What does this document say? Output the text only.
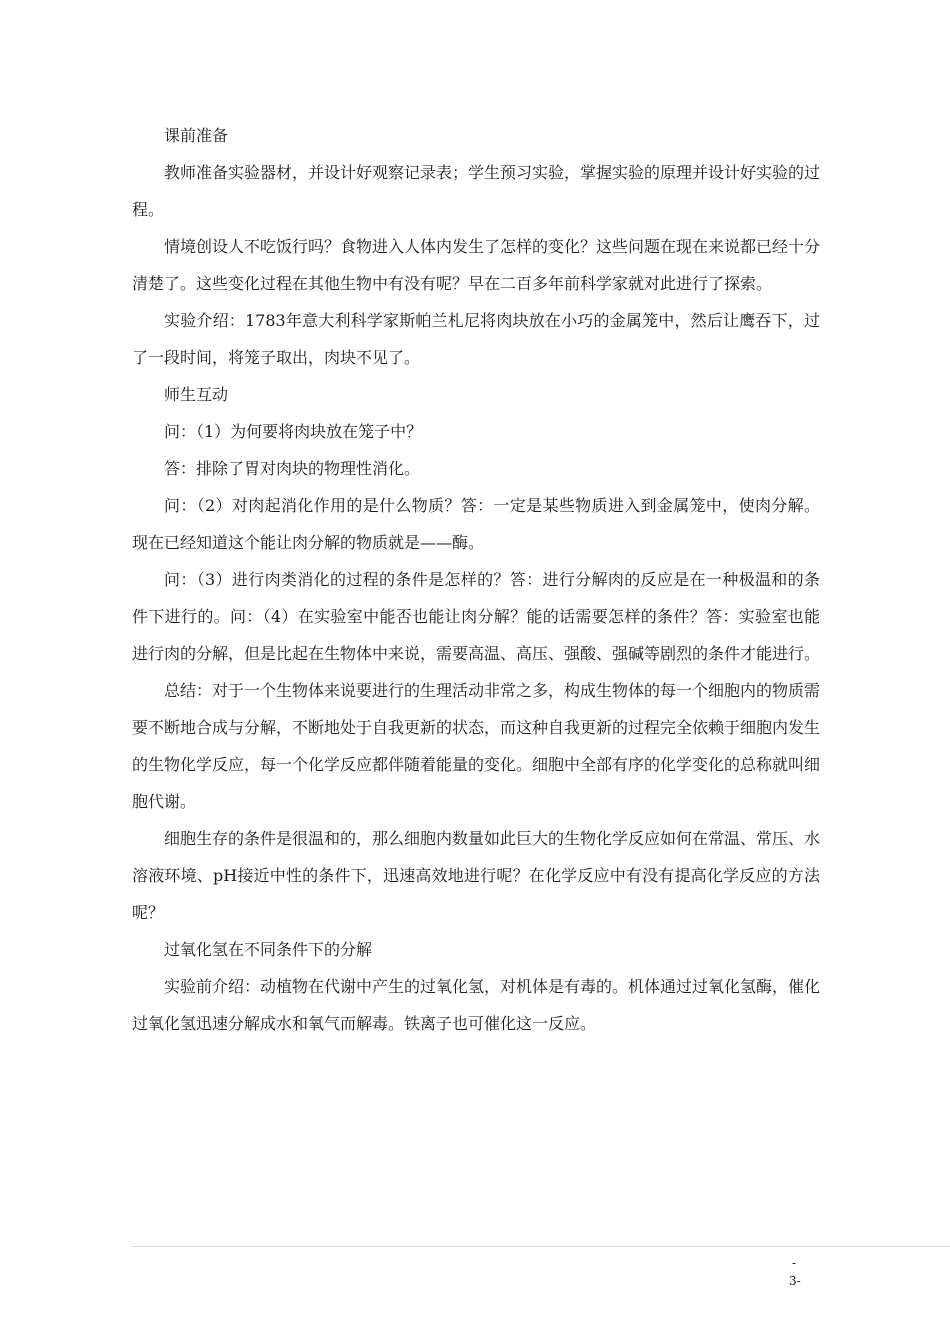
课前准备

教师准备实验器材，并设计好观察记录表；学生预习实验，掌握实验的原理并设计好实验的过程。

情境创设人不吃饭行吗？食物进入人体内发生了怎样的变化？这些问题在现在来说都已经十分清楚了。这些变化过程在其他生物中有没有呢？早在二百多年前科学家就对此进行了探索。

实验介绍：1783年意大利科学家斯帕兰札尼将肉块放在小巧的金属笼中，然后让鹰吞下，过了一段时间，将笼子取出，肉块不见了。

师生互动

问：（1）为何要将肉块放在笼子中？

答：排除了胃对肉块的物理性消化。

问：（2）对肉起消化作用的是什么物质？答：一定是某些物质进入到金属笼中，使肉分解。现在已经知道这个能让肉分解的物质就是——酶。

问：（3）进行肉类消化的过程的条件是怎样的？答：进行分解肉的反应是在一种极温和的条件下进行的。问：（4）在实验室中能否也能让肉分解？能的话需要怎样的条件？答：实验室也能进行肉的分解，但是比起在生物体中来说，需要高温、高压、强酸、强碱等剧烈的条件才能进行。

总结：对于一个生物体来说要进行的生理活动非常之多，构成生物体的每一个细胞内的物质需要不断地合成与分解，不断地处于自我更新的状态，而这种自我更新的过程完全依赖于细胞内发生的生物化学反应，每一个化学反应都伴随着能量的变化。细胞中全部有序的化学变化的总称就叫细胞代谢。

细胞生存的条件是很温和的，那么细胞内数量如此巨大的生物化学反应如何在常温、常压、水溶液环境、pH接近中性的条件下，迅速高效地进行呢？在化学反应中有没有提高化学反应的方法呢？

过氧化氢在不同条件下的分解

实验前介绍：动植物在代谢中产生的过氧化氢，对机体是有毒的。机体通过过氧化氢酶，催化过氧化氢迅速分解成水和氧气而解毒。铁离子也可催化这一反应。

-
3-
